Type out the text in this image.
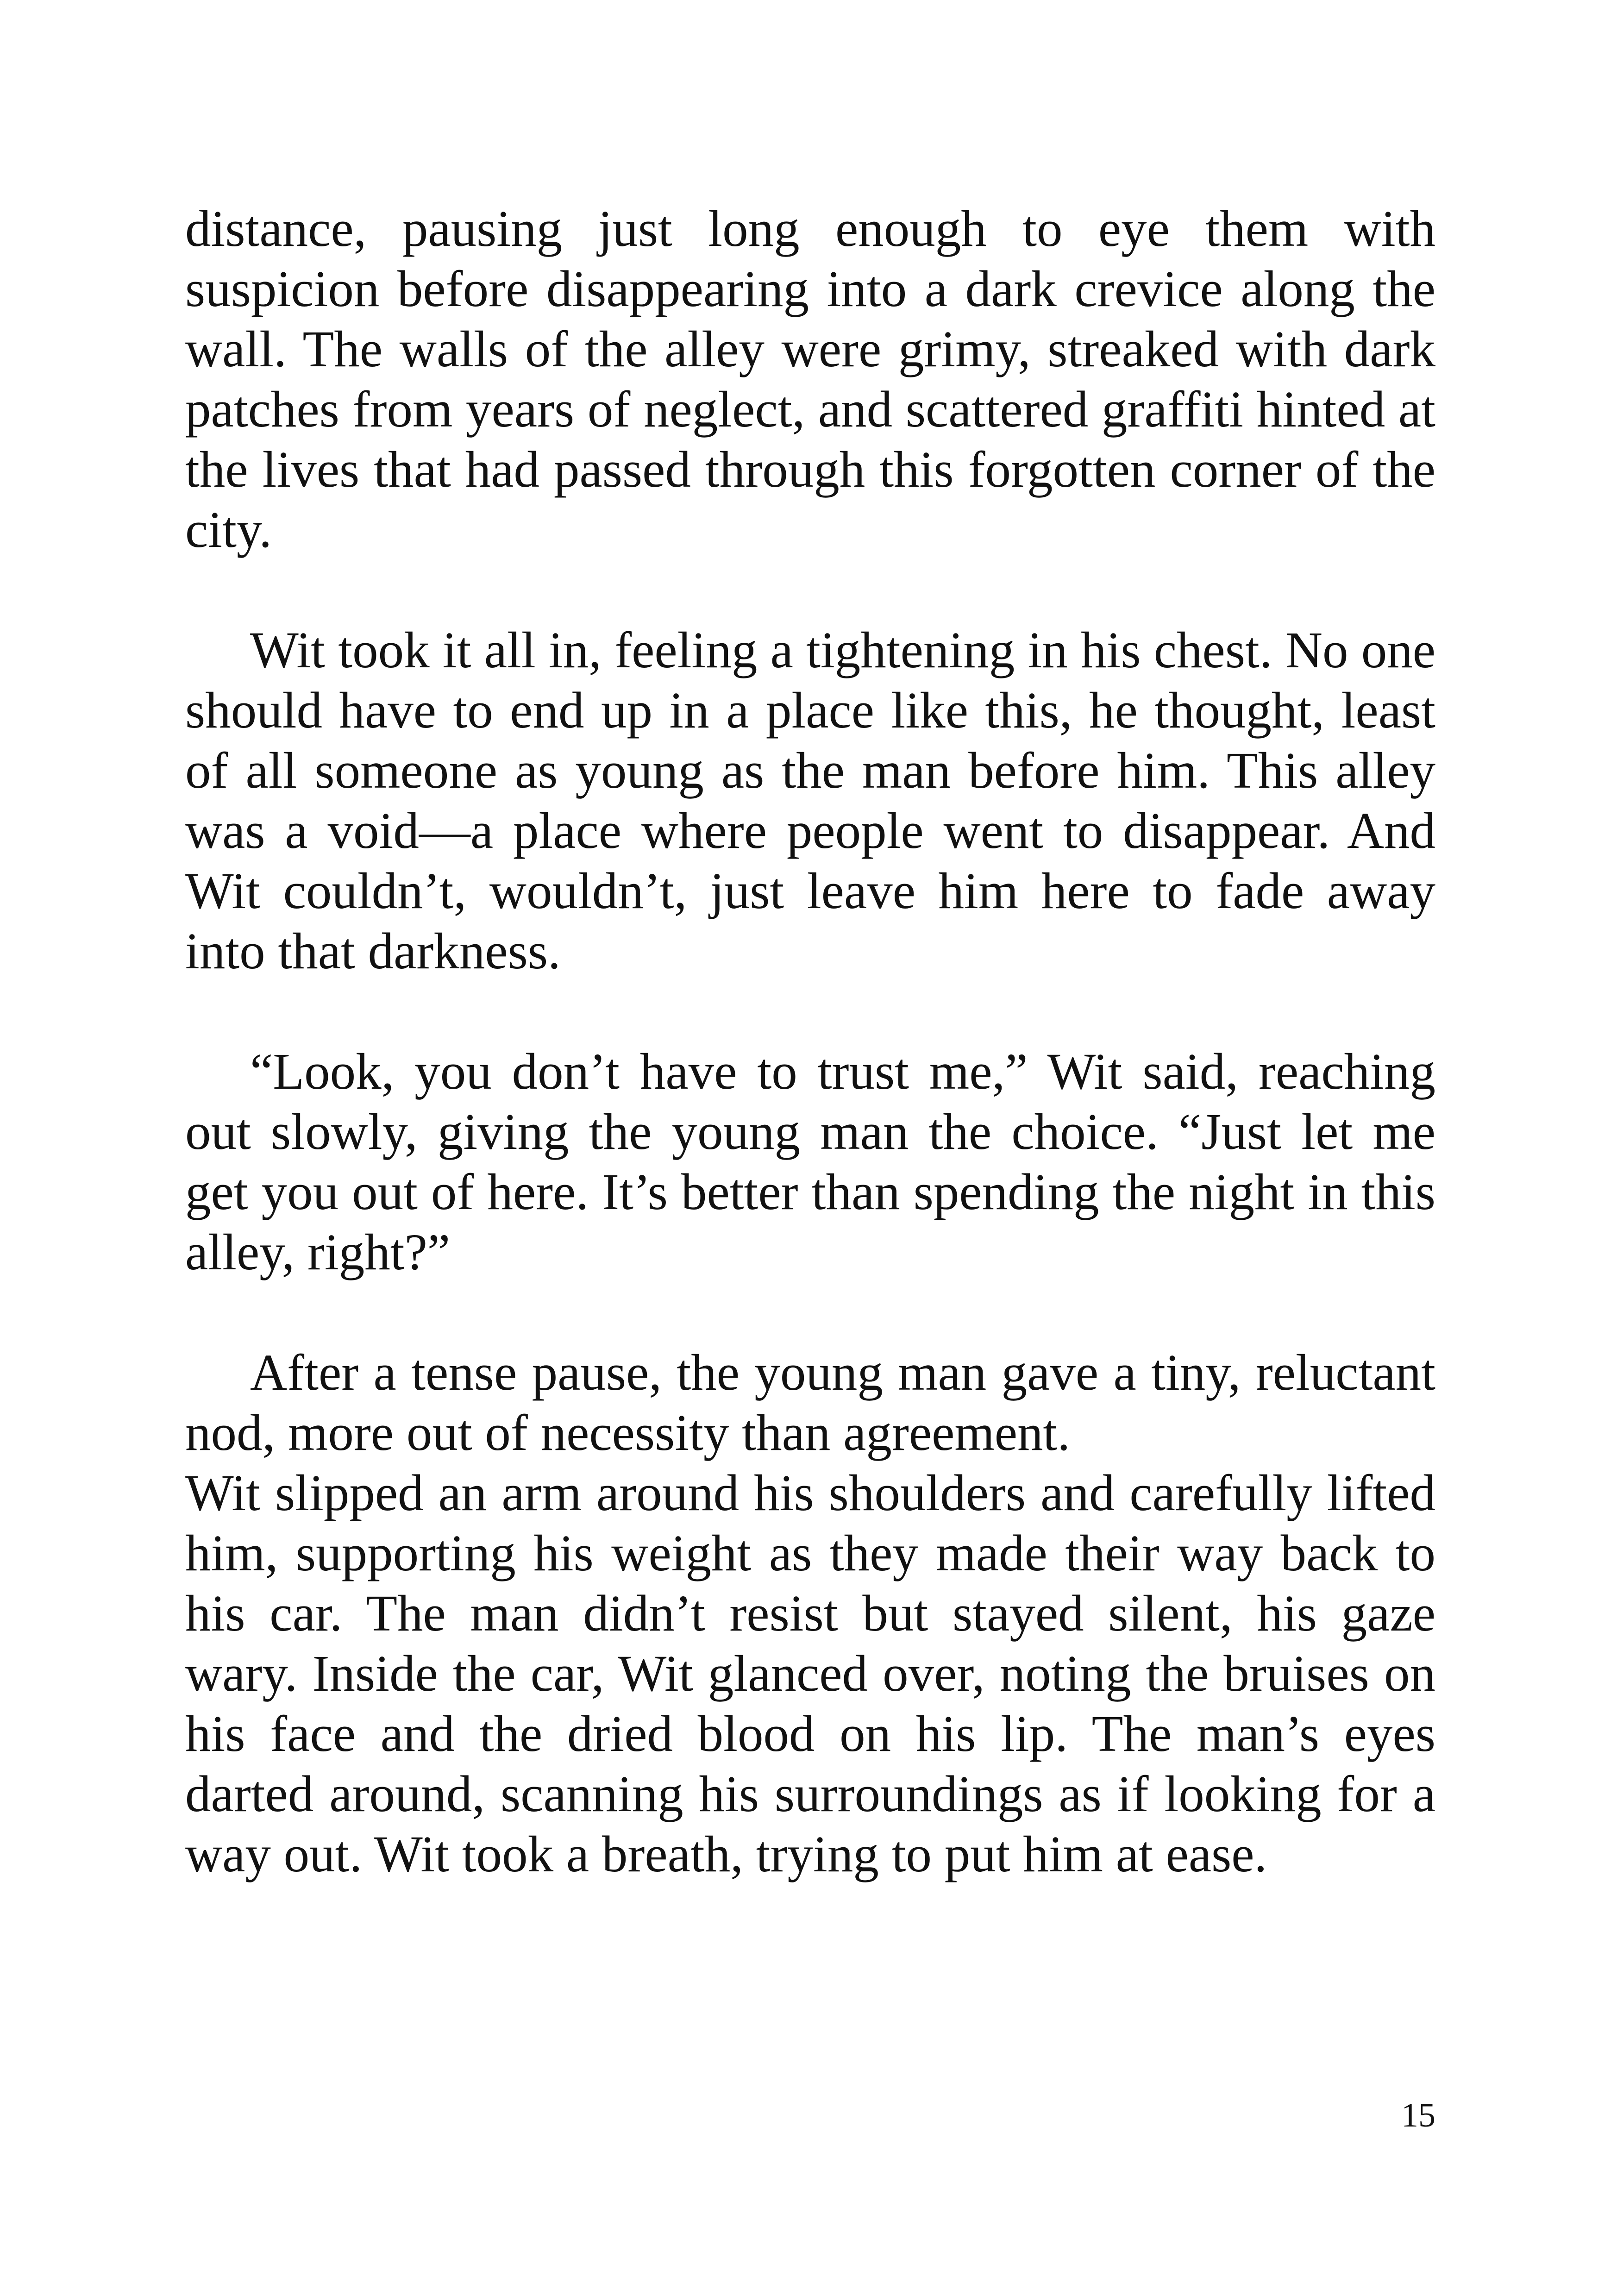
distance, pausing just long enough to eye them with suspicion before disappearing into a dark crevice along the wall. The walls of the alley were grimy, streaked with dark patches from years of neglect, and scattered graffiti hinted at the lives that had passed through this forgotten corner of the city.

Wit took it all in, feeling a tightening in his chest. No one should have to end up in a place like this, he thought, least of all someone as young as the man before him. This alley was a void—a place where people went to disappear. And Wit couldn’t, wouldn’t, just leave him here to fade away into that darkness.

“Look, you don’t have to trust me,” Wit said, reaching out slowly, giving the young man the choice. “Just let me get you out of here. It’s better than spending the night in this alley, right?”

After a tense pause, the young man gave a tiny, reluctant nod, more out of necessity than agreement.

Wit slipped an arm around his shoulders and carefully lifted him, supporting his weight as they made their way back to his car. The man didn’t resist but stayed silent, his gaze wary. Inside the car, Wit glanced over, noting the bruises on his face and the dried blood on his lip. The man’s eyes darted around, scanning his surroundings as if looking for a way out. Wit took a breath, trying to put him at ease.

15
